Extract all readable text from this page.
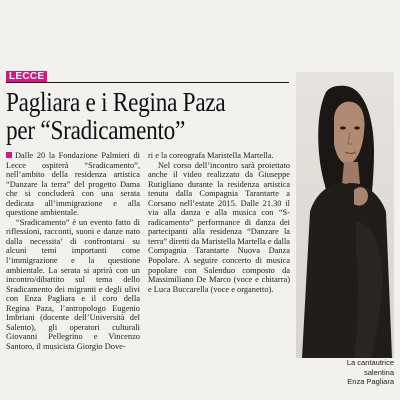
LECCE
Pagliara e i Regina Paza
per “Sradicamento”
La cantautrice
salentina
Enza Pagliara

Dalle 20 la Fondazione Palmieri di Lecce ospiterà “Sradicamento”, nell’ambito della residenza artistica “Danzare la terra” del progetto Dama che si concluderà con una serata dedicata all’immigrazione e alla questione ambientale.

“Sradicamento” è un evento fatto di riflessioni, racconti, suoni e danze nato dalla necessita’ di confrontarsi su alcuni temi importanti come l’immigrazione e la questione ambientale. La serata si aprirà con un incontro/dibattito sul tema dello Sradicamento dei migranti e degli ulivi con Enza Pagliara e il coro della Regina Paza, l’antropologo Eugenio Imbriani (docente dell’Università del Salento), gli operatori culturali Giovanni Pellegrino e Vincenzo Santoro, il musicista Giorgio Dove-

ri e la coreografa Maristella Martella.

Nel corso dell’incontro sarà proiettato anche il video realizzato da Giuseppe Rutigliano durante la residenza artistica tenuta dalla Compagnia Tarantarte a Corsano nell’estate 2015. Dalle 21.30 il via alla danza e alla musica con “S-radicamento” performance di danza dei partecipanti alla residenza “Danzare la terra” diretti da Maristella Martella e dalla Compagnia Tarantarte Nuova Danza Popolare. A seguire concerto di musica popolare con Salenduo composto da Massimiliano De Marco (voce e chitarra) e Luca Buccarella (voce e organetto).
